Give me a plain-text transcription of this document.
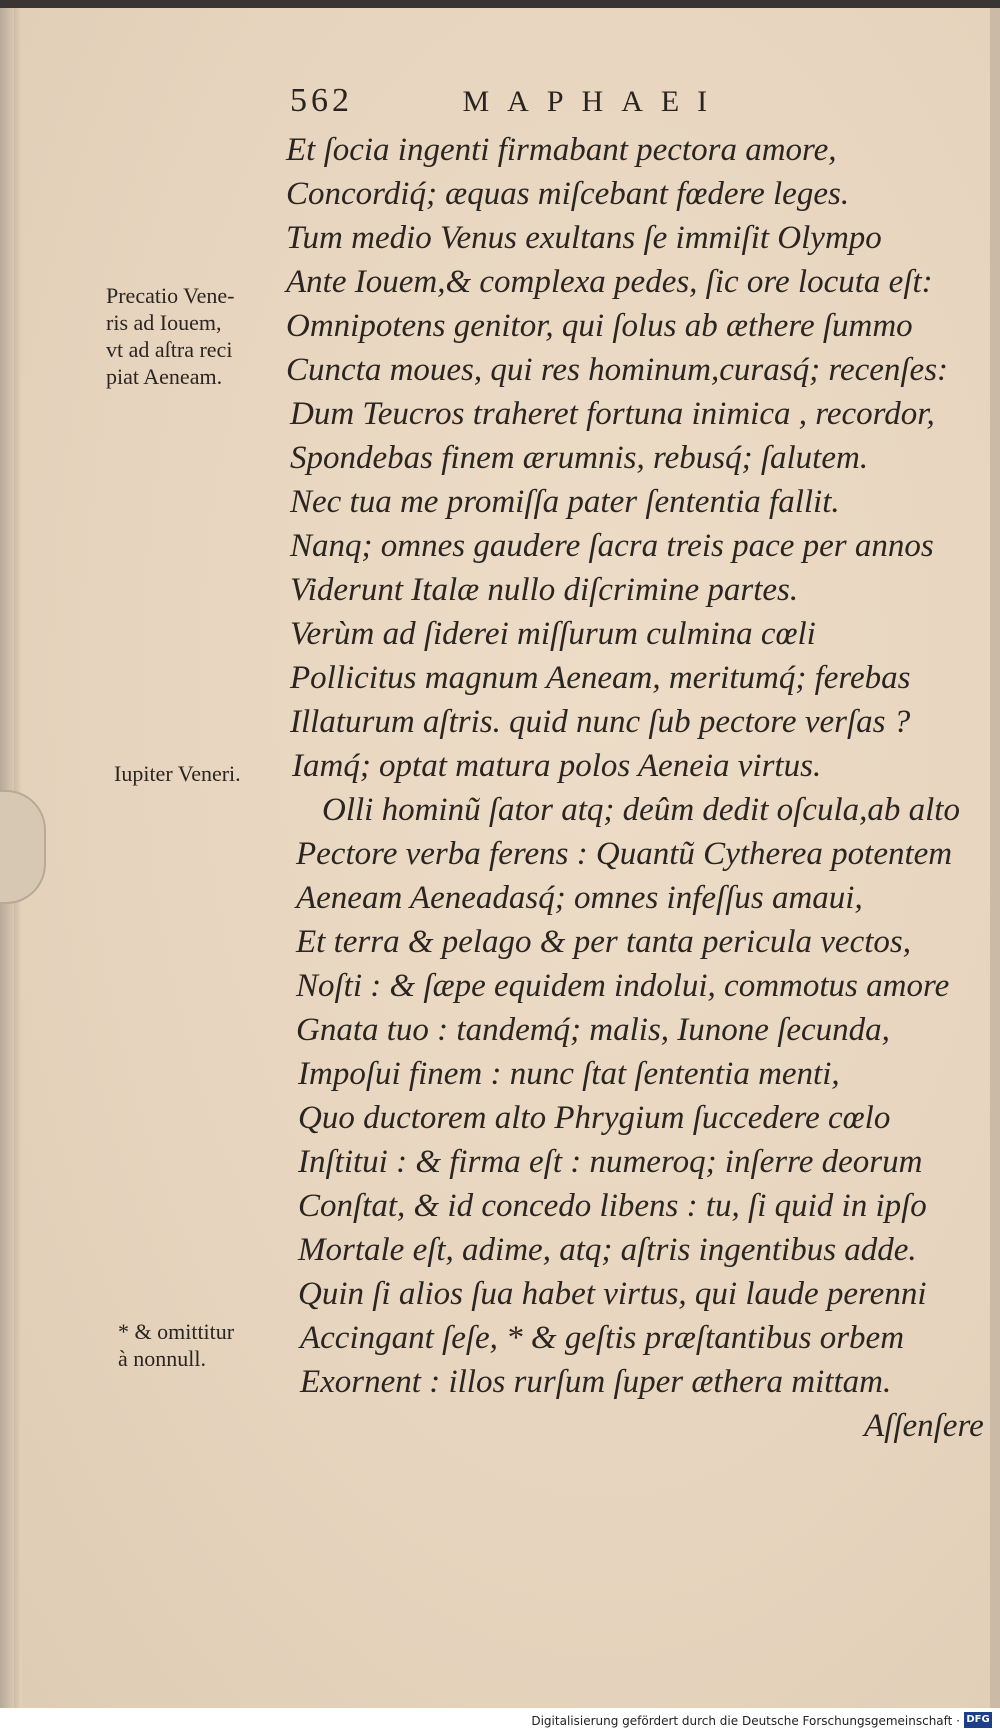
562	MAPHAEI
Et ſocia ingenti firmabant pectora amore,
Concordiq́; æquas miſcebant fœdere leges.
Tum medio Venus exultans ſe immiſit Olympo
Ante Iouem,& complexa pedes, ſic ore locuta eſt:
Omnipotens genitor, qui ſolus ab æthere ſummo
Cuncta moues, qui res hominum,curasq́; recenſes:
Dum Teucros traheret fortuna inimica , recordor,
Spondebas finem ærumnis, rebusq́; ſalutem.
Nec tua me promiſſa pater ſententia fallit.
Nanq; omnes gaudere ſacra treis pace per annos
Viderunt Italæ nullo diſcrimine partes.
Verùm ad ſiderei miſſurum culmina cœli
Pollicitus magnum Aeneam, meritumq́; ferebas
Illaturum aſtris. quid nunc ſub pectore verſas ?
Iamq́; optat matura polos Aeneia virtus.
Olli hominũ ſator atq; deûm dedit oſcula,ab alto
Pectore verba ferens : Quantũ Cytherea potentem
Aeneam Aeneadasq́; omnes infeſſus amaui,
Et terra & pelago & per tanta pericula vectos,
Noſti : & ſæpe equidem indolui, commotus amore
Gnata tuo : tandemq́; malis, Iunone ſecunda,
Impoſui finem : nunc ſtat ſententia menti,
Quo ductorem alto Phrygium ſuccedere cœlo
Inſtitui : & firma eſt : numeroq; inſerre deorum
Conſtat, & id concedo libens : tu, ſi quid in ipſo
Mortale eſt, adime, atq; aſtris ingentibus adde.
Quin ſi alios ſua habet virtus, qui laude perenni
Accingant ſeſe, * & geſtis præſtantibus orbem
Exornent : illos rurſum ſuper æthera mittam.
Aſſenſere
Precatio Vene-
ris ad Iouem,
vt ad aſtra reci
piat Aeneam.
Iupiter Veneri.
* & omittitur
à nonnull.
Digitalisierung gefördert durch die Deutsche Forschungsgemeinschaft · DFG
